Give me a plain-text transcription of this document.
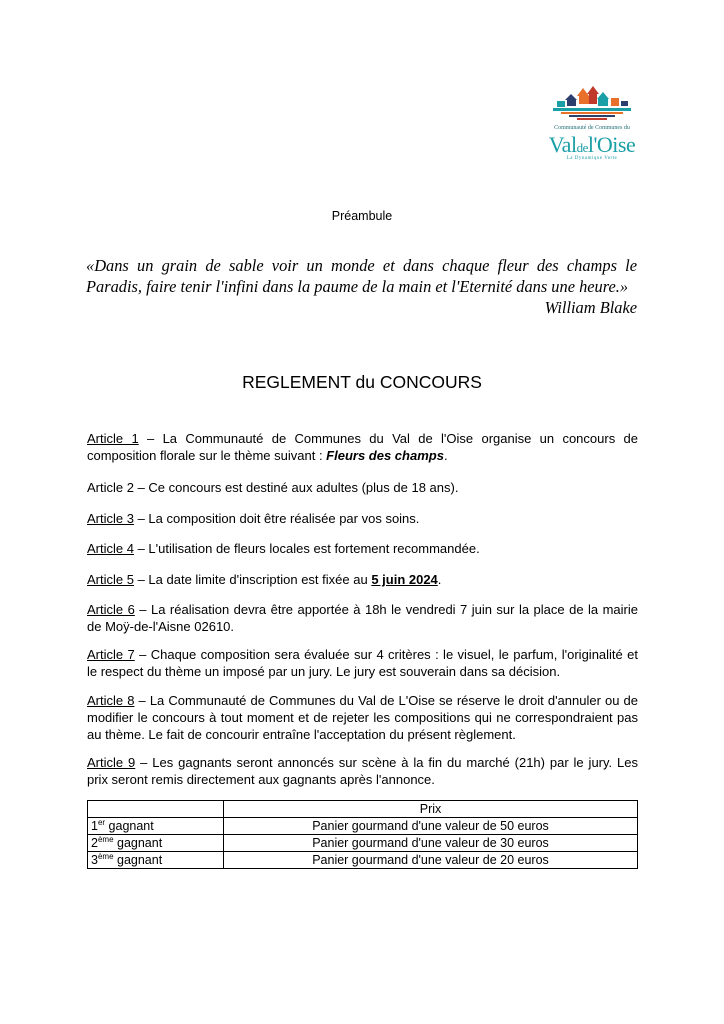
Communauté de Communes du
Valdel'Oise
La Dynamique Verte
Préambule

«Dans un grain de sable voir un monde et dans chaque fleur des champs le Paradis, faire tenir l'infini dans la paume de la main et l'Eternité dans une heure.»

William Blake
REGLEMENT du CONCOURS

Article 1 – La Communauté de Communes du Val de l'Oise organise un concours de composition florale sur le thème suivant : Fleurs des champs.

Article 2 – Ce concours est destiné aux adultes (plus de 18 ans).

Article 3 – La composition doit être réalisée par vos soins.

Article 4 – L'utilisation de fleurs locales est fortement recommandée.

Article 5 – La date limite d'inscription est fixée au 5 juin 2024.

Article 6 – La réalisation devra être apportée à 18h le vendredi 7 juin sur la place de la mairie de Moÿ-de-l'Aisne 02610.

Article 7 – Chaque composition sera évaluée sur 4 critères : le visuel, le parfum, l'originalité et le respect du thème un imposé par un jury. Le jury est souverain dans sa décision.

Article 8 – La Communauté de Communes du Val de L'Oise se réserve le droit d'annuler ou de modifier le concours à tout moment et de rejeter les compositions qui ne correspondraient pas au thème. Le fait de concourir entraîne l'acceptation du présent règlement.

Article 9 – Les gagnants seront annoncés sur scène à la fin du marché (21h) par le jury. Les prix seront remis directement aux gagnants après l'annonce.

	Prix
1er gagnant	Panier gourmand d'une valeur de 50 euros
2ème gagnant	Panier gourmand d'une valeur de 30 euros
3ème gagnant	Panier gourmand d'une valeur de 20 euros
